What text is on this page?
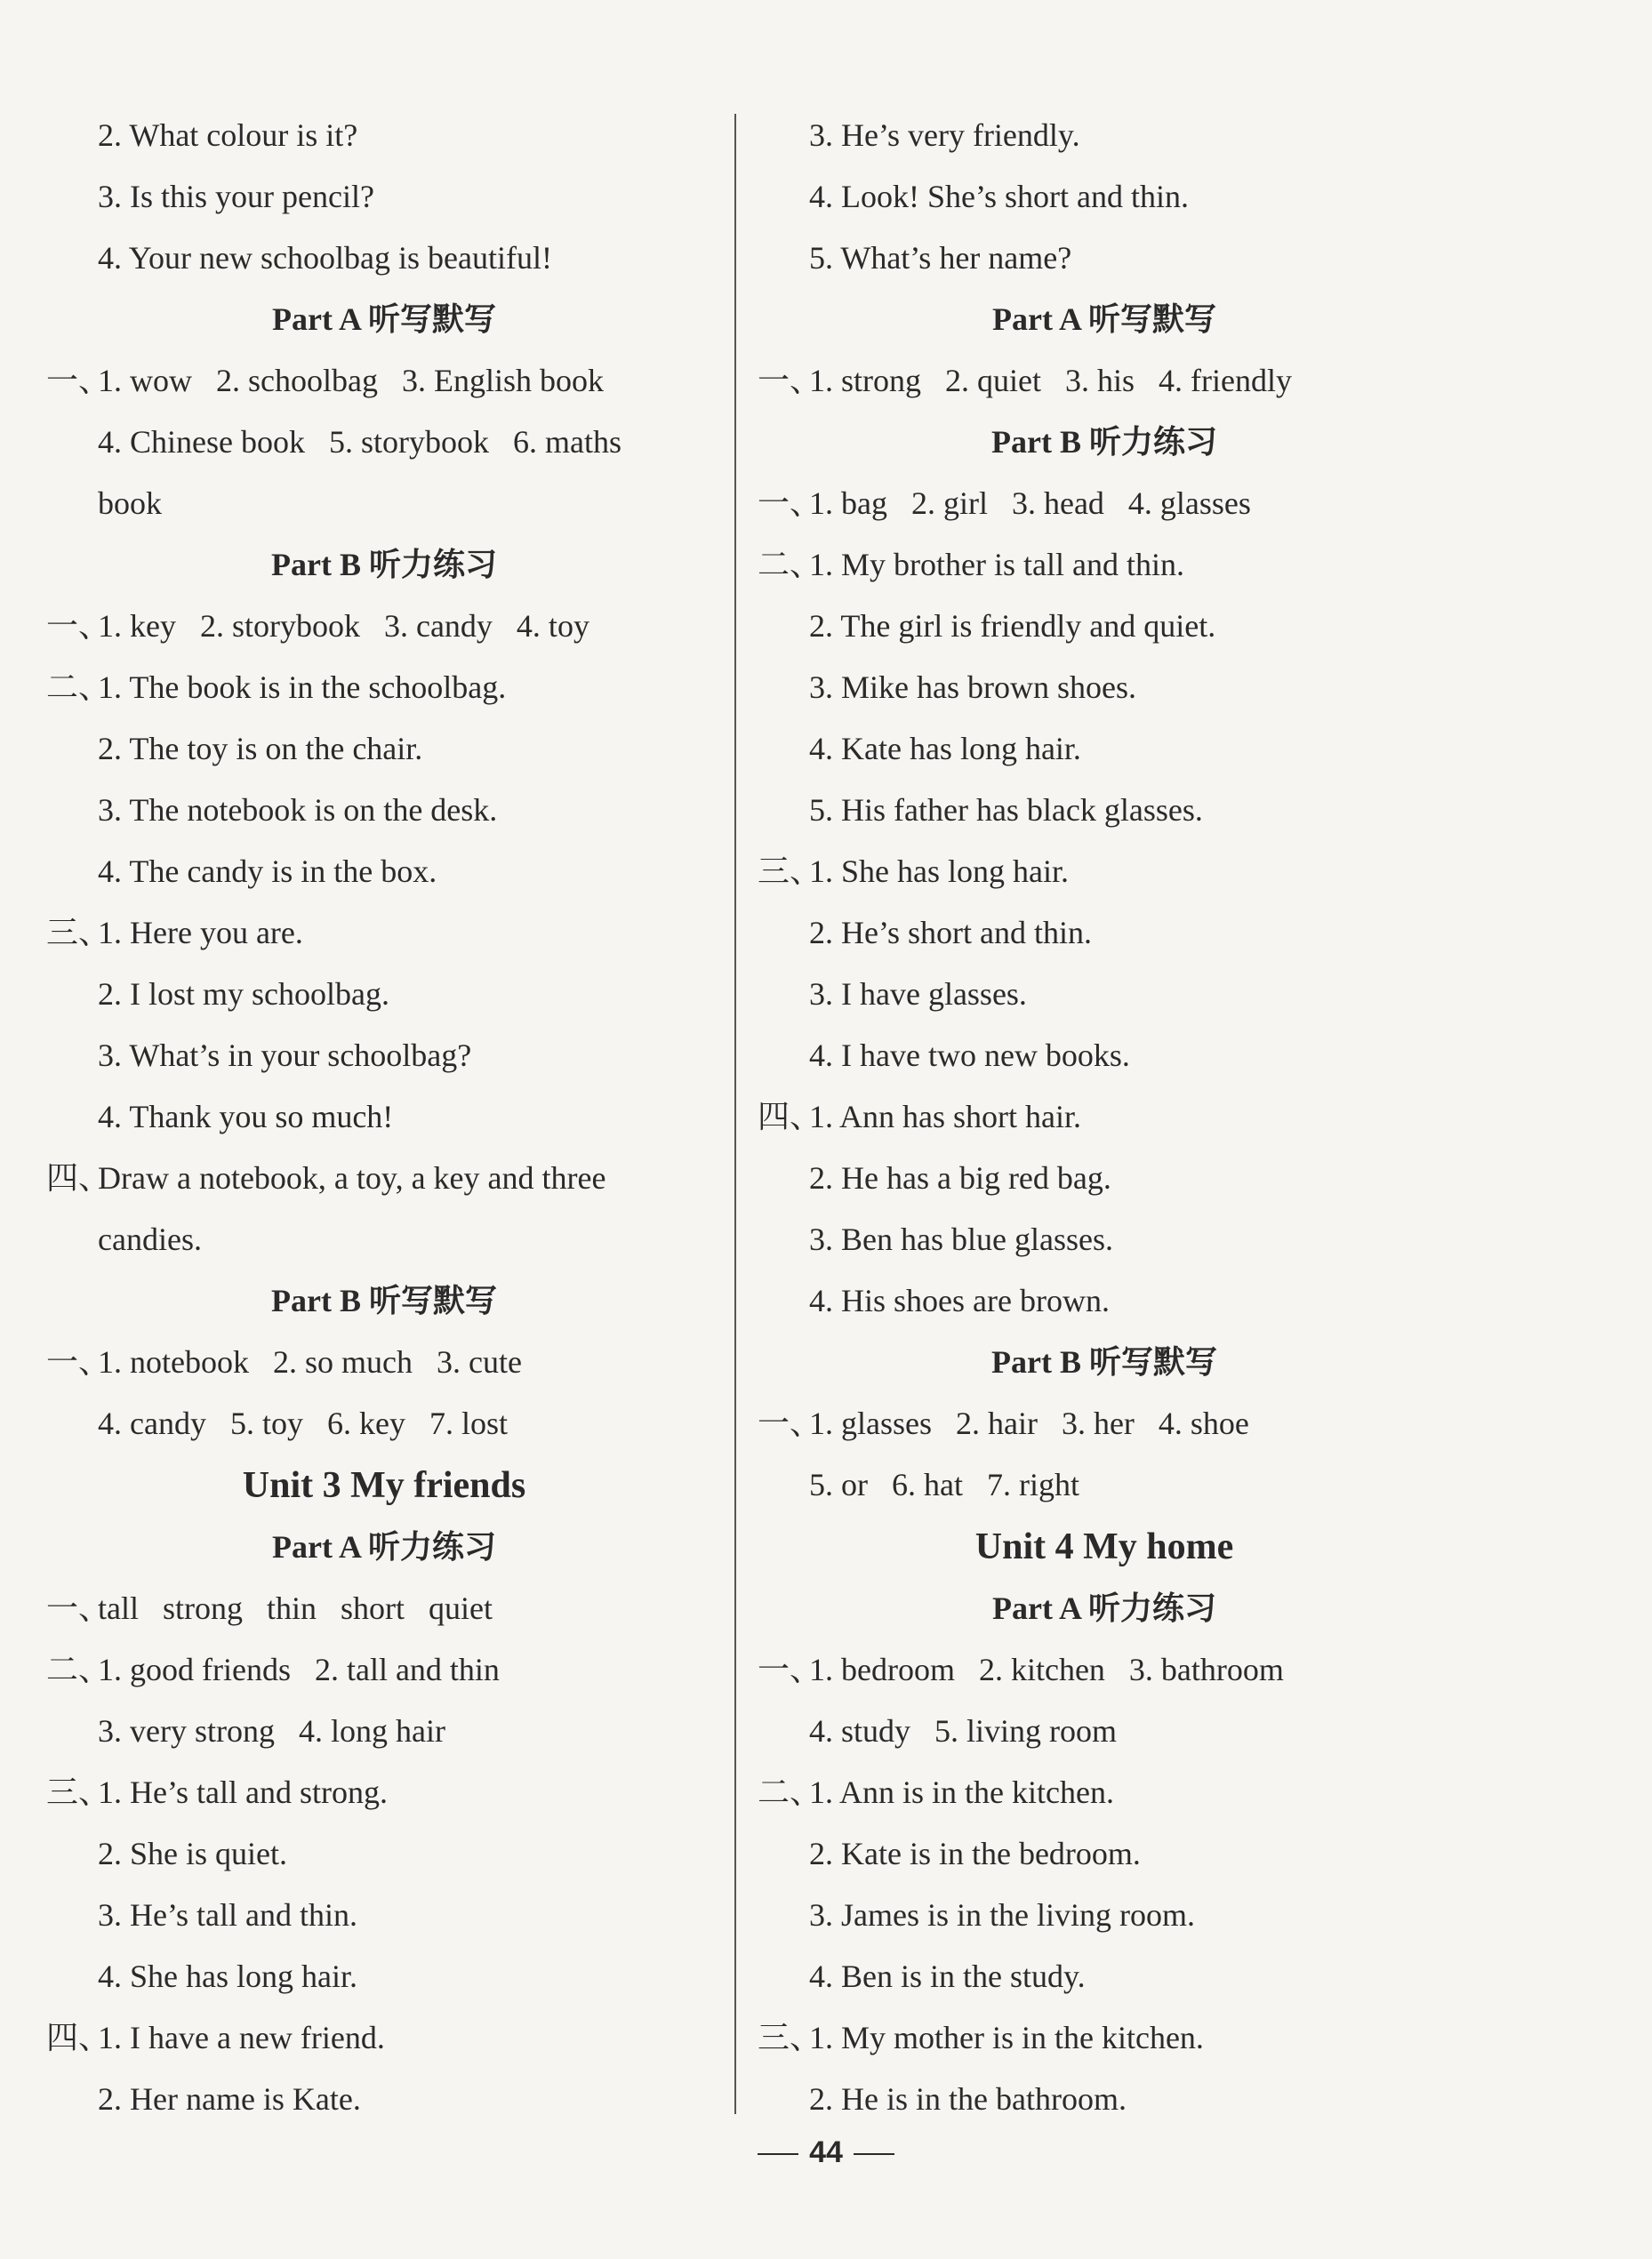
2. What colour is it?
3. Is this your pencil?
4. Your new schoolbag is beautiful!
Part A 听写默写
一、1. wow   2. schoolbag   3. English book
4. Chinese book   5. storybook   6. maths
book
Part B 听力练习
一、1. key   2. storybook   3. candy   4. toy
二、1. The book is in the schoolbag.
2. The toy is on the chair.
3. The notebook is on the desk.
4. The candy is in the box.
三、1. Here you are.
2. I lost my schoolbag.
3. What’s in your schoolbag?
4. Thank you so much!
四、Draw a notebook, a toy, a key and three
candies.
Part B 听写默写
一、1. notebook   2. so much   3. cute
4. candy   5. toy   6. key   7. lost
Unit 3 My friends
Part A 听力练习
一、tall   strong   thin   short   quiet
二、1. good friends   2. tall and thin
3. very strong   4. long hair
三、1. He’s tall and strong.
2. She is quiet.
3. He’s tall and thin.
4. She has long hair.
四、1. I have a new friend.
2. Her name is Kate.
3. He’s very friendly.
4. Look! She’s short and thin.
5. What’s her name?
Part A 听写默写
一、1. strong   2. quiet   3. his   4. friendly
Part B 听力练习
一、1. bag   2. girl   3. head   4. glasses
二、1. My brother is tall and thin.
2. The girl is friendly and quiet.
3. Mike has brown shoes.
4. Kate has long hair.
5. His father has black glasses.
三、1. She has long hair.
2. He’s short and thin.
3. I have glasses.
4. I have two new books.
四、1. Ann has short hair.
2. He has a big red bag.
3. Ben has blue glasses.
4. His shoes are brown.
Part B 听写默写
一、1. glasses   2. hair   3. her   4. shoe
5. or   6. hat   7. right
Unit 4 My home
Part A 听力练习
一、1. bedroom   2. kitchen   3. bathroom
4. study   5. living room
二、1. Ann is in the kitchen.
2. Kate is in the bedroom.
3. James is in the living room.
4. Ben is in the study.
三、1. My mother is in the kitchen.
2. He is in the bathroom.
44
